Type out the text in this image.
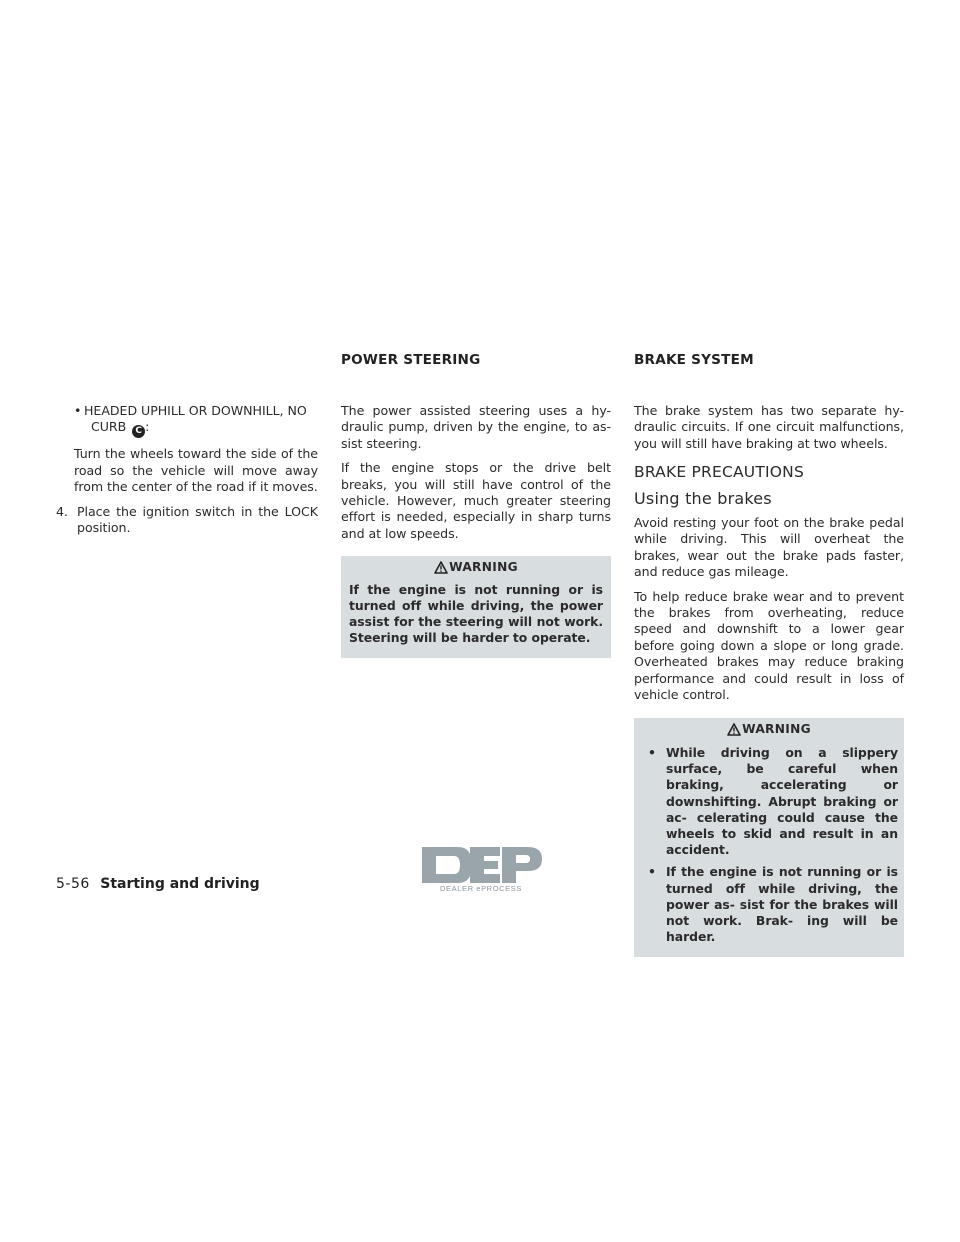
• HEADED UPHILL OR DOWNHILL, NO
CURB C :

Turn the wheels toward the side of the road so the vehicle will move away from the center of the road if it moves.

4. Place the ignition switch in the LOCK position.
POWER STEERING	BRAKE SYSTEM

The power assisted steering uses a hy- draulic pump, driven by the engine, to as- sist steering.

If the engine stops or the drive belt breaks, you will still have control of the vehicle. However, much greater steering effort is needed, especially in sharp turns and at low speeds.

WARNING
If the engine is not running or is turned off while driving, the power assist for the steering will not work. Steering will be harder to operate.

The brake system has two separate hy- draulic circuits. If one circuit malfunctions, you will still have braking at two wheels.

BRAKE PRECAUTIONS
Using the brakes

Avoid resting your foot on the brake pedal while driving. This will overheat the brakes, wear out the brake pads faster, and reduce gas mileage.

To help reduce brake wear and to prevent the brakes from overheating, reduce speed and downshift to a lower gear before going down a slope or long grade. Overheated brakes may reduce braking performance and could result in loss of vehicle control.

WARNING
• While driving on a slippery surface, be careful when braking, accelerating or downshifting. Abrupt braking or ac- celerating could cause the wheels to skid and result in an accident.
• If the engine is not running or is turned off while driving, the power as- sist for the brakes will not work. Brak- ing will be harder.
5-56 Starting and driving	DEALER ePROCESS
